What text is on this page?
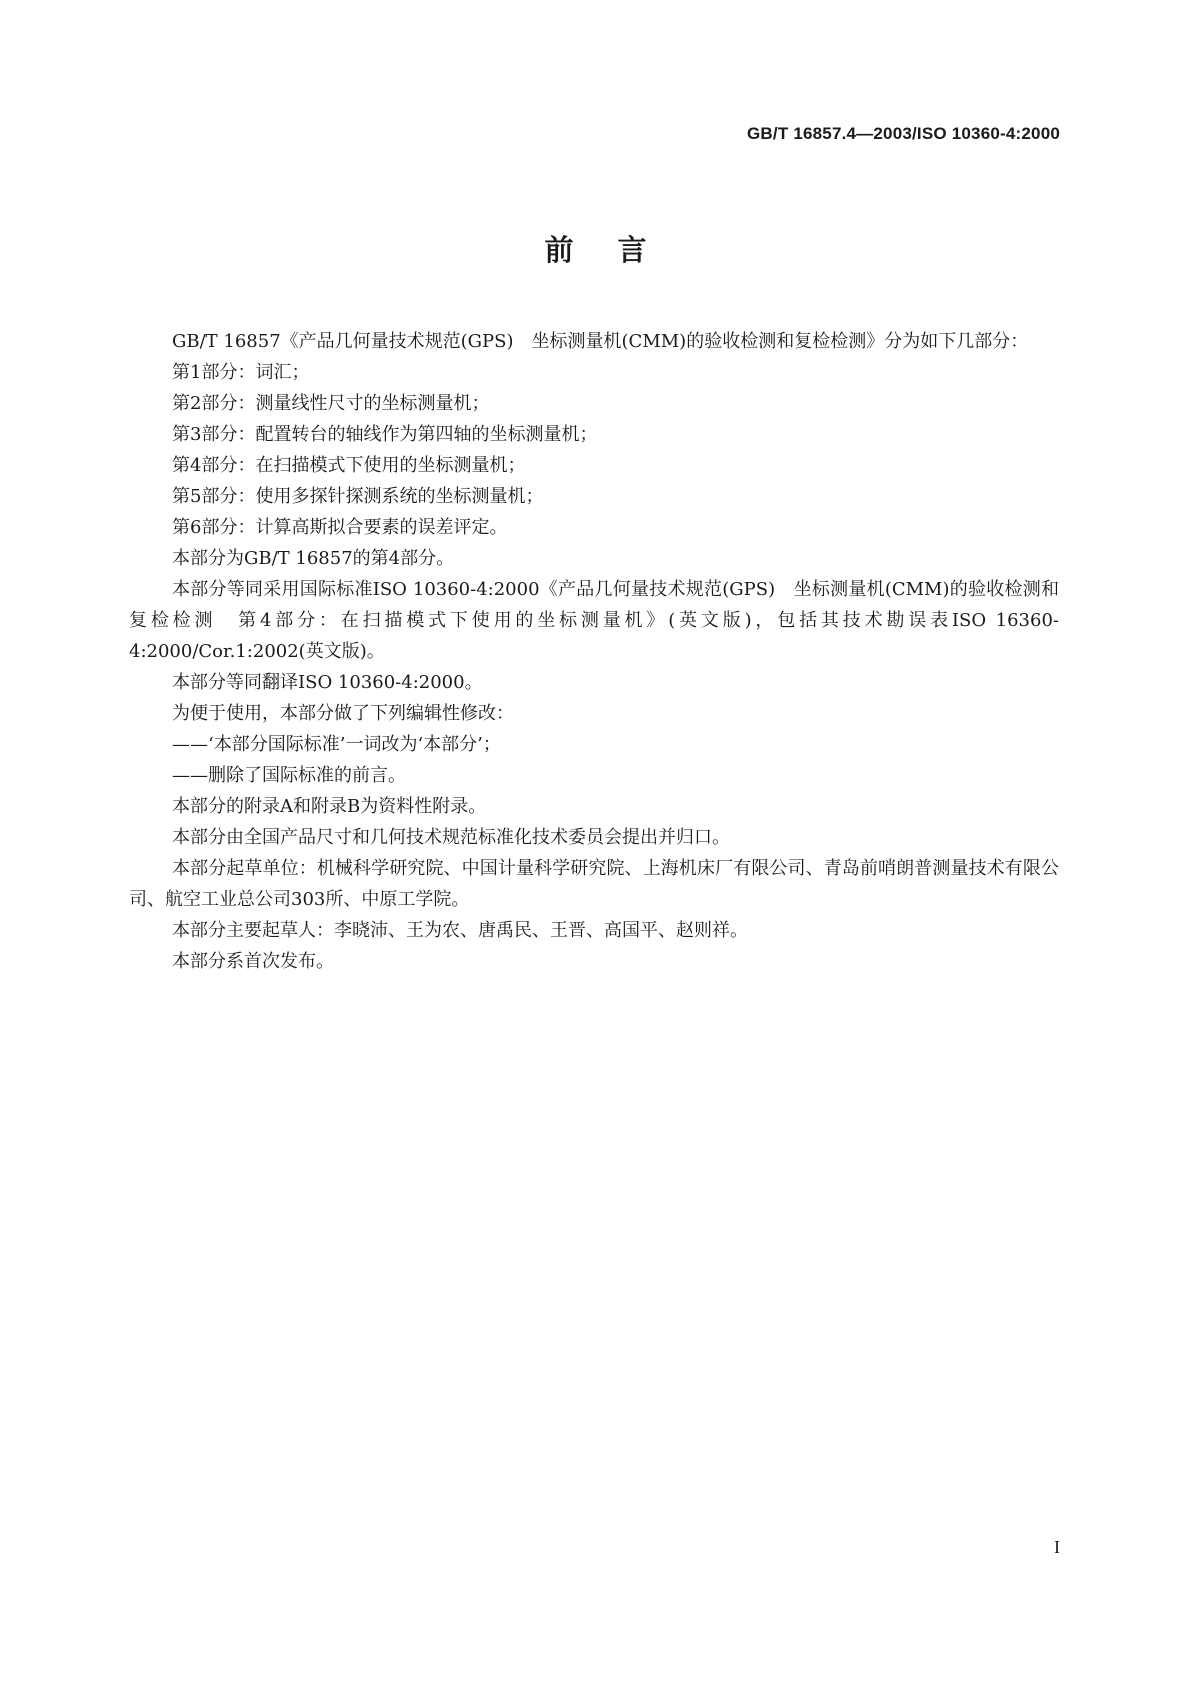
GB/T 16857.4—2003/ISO 10360-4:2000
前言

GB/T 16857《产品几何量技术规范(GPS)　坐标测量机(CMM)的验收检测和复检检测》分为如下几部分：

第1部分：词汇；

第2部分：测量线性尺寸的坐标测量机；

第3部分：配置转台的轴线作为第四轴的坐标测量机；

第4部分：在扫描模式下使用的坐标测量机；

第5部分：使用多探针探测系统的坐标测量机；

第6部分：计算高斯拟合要素的误差评定。

本部分为GB/T 16857的第4部分。

本部分等同采用国际标准ISO 10360-4:2000《产品几何量技术规范(GPS)　坐标测量机(CMM)的验收检测和复检检测　第4部分：在扫描模式下使用的坐标测量机》(英文版)，包括其技术勘误表ISO 16360-4:2000/Cor.1:2002(英文版)。

本部分等同翻译ISO 10360-4:2000。

为便于使用，本部分做了下列编辑性修改：

——‘本部分国际标准’一词改为‘本部分’；

——删除了国际标准的前言。

本部分的附录A和附录B为资料性附录。

本部分由全国产品尺寸和几何技术规范标准化技术委员会提出并归口。

本部分起草单位：机械科学研究院、中国计量科学研究院、上海机床厂有限公司、青岛前哨朗普测量技术有限公司、航空工业总公司303所、中原工学院。

本部分主要起草人：李晓沛、王为农、唐禹民、王晋、高国平、赵则祥。

本部分系首次发布。

I
